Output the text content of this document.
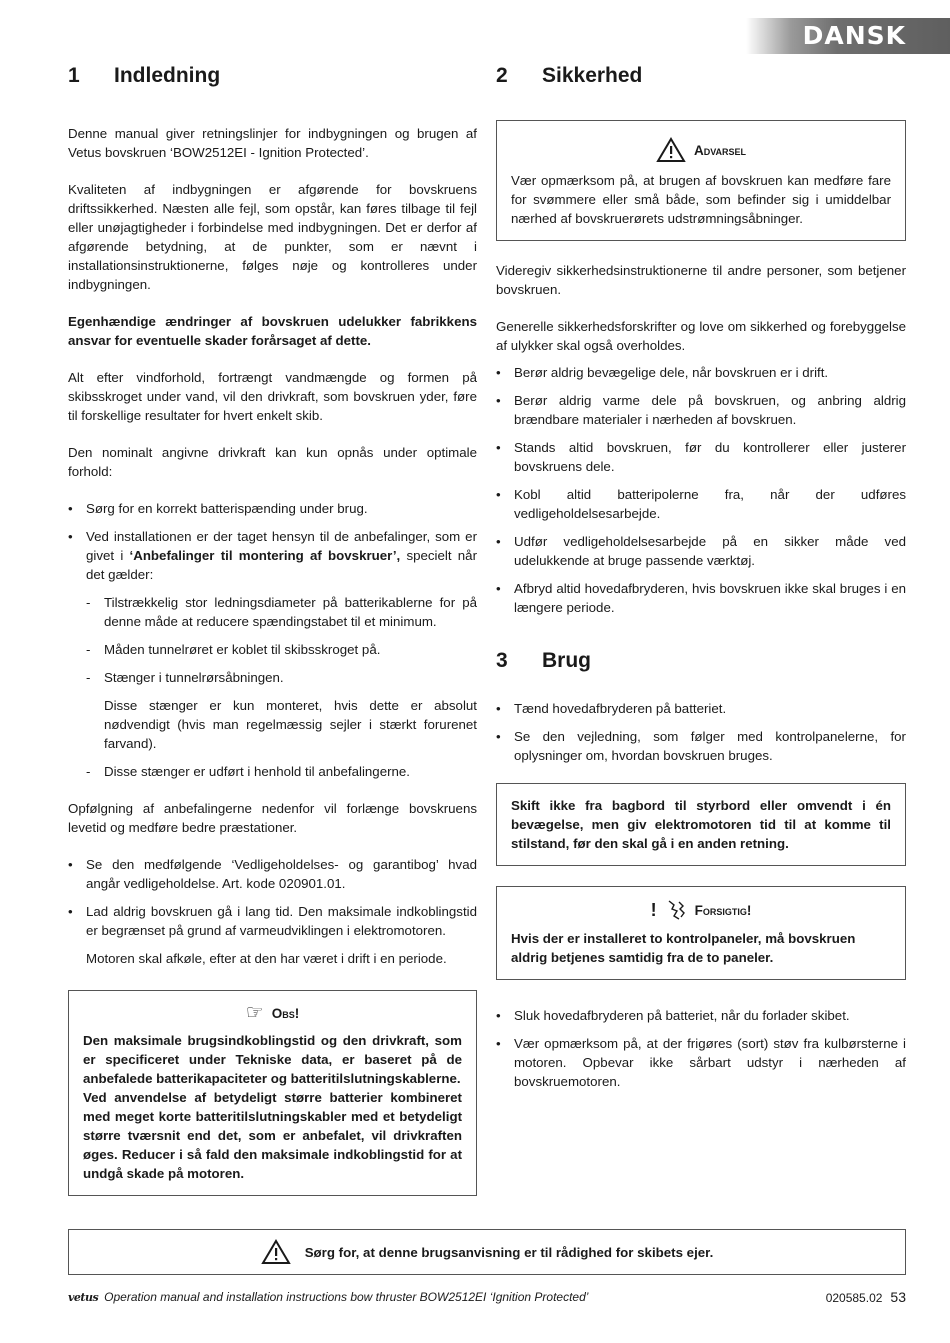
DANSK
1	Indledning

Denne manual giver retningslinjer for indbygningen og brugen af Vetus bovskruen ‘BOW2512EI - Ignition Protected’.

Kvaliteten af indbygningen er afgørende for bovskruens driftssikkerhed. Næsten alle fejl, som opstår, kan føres tilbage til fejl eller unøjagtigheder i forbindelse med indbygningen. Det er derfor af afgørende betydning, at de punkter, som er nævnt i installationsinstruktionerne, følges nøje og kontrolleres under indbygningen.

Egenhændige ændringer af bovskruen udelukker fabrikkens ansvar for eventuelle skader forårsaget af dette.

Alt efter vindforhold, fortrængt vandmængde og formen på skibsskroget under vand, vil den drivkraft, som bovskruen yder, føre til forskellige resultater for hvert enkelt skib.

Den nominalt angivne drivkraft kan kun opnås under optimale forhold:

• Sørg for en korrekt batterispænding under brug.
• Ved installationen er der taget hensyn til de anbefalinger, som er givet i ‘Anbefalinger til montering af bovskruer’, specielt når det gælder:
- Tilstrækkelig stor ledningsdiameter på batterikablerne for på denne måde at reducere spændingstabet til et minimum.
- Måden tunnelrøret er koblet til skibsskroget på.
- Stænger i tunnelrørsåbningen.

Disse stænger er kun monteret, hvis dette er absolut nødvendigt (hvis man regelmæssig sejler i stærkt forurenet farvand).

- Disse stænger er udført i henhold til anbefalingerne.

Opfølgning af anbefalingerne nedenfor vil forlænge bovskruens levetid og medføre bedre præstationer.

• Se den medfølgende ‘Vedligeholdelses- og garantibog’ hvad angår vedligeholdelse. Art. kode 020901.01.
• Lad aldrig bovskruen gå i lang tid. Den maksimale indkoblingstid er begrænset på grund af varmeudviklingen i elektromotoren.

Motoren skal afkøle, efter at den har været i drift i en periode.

☞ Obs!

Den maksimale brugsindkoblingstid og den drivkraft, som er specificeret under Tekniske data, er baseret på de anbefalede batterikapaciteter og batteritilslutningskablerne.

Ved anvendelse af betydeligt større batterier kombineret med meget korte batteritilslutningskabler med et betydeligt større tværsnit end det, som er anbefalet, vil drivkraften øges. Reducer i så fald den maksimale indkoblingstid for at undgå skade på motoren.

2	Sikkerhed
Advarsel

Vær opmærksom på, at brugen af bovskruen kan medføre fare for svømmere eller små både, som befinder sig i umiddelbar nærhed af bovskruerørets udstrømningsåbninger.

Videregiv sikkerhedsinstruktionerne til andre personer, som betjener bovskruen.

Generelle sikkerhedsforskrifter og love om sikkerhed og forebyggelse af ulykker skal også overholdes.

• Berør aldrig bevægelige dele, når bovskruen er i drift.
• Berør aldrig varme dele på bovskruen, og anbring aldrig brændbare materialer i nærheden af bovskruen.
• Stands altid bovskruen, før du kontrollerer eller justerer bovskruens dele.
• Kobl altid batteripolerne fra, når der udføres vedligeholdelsesarbejde.
• Udfør vedligeholdelsesarbejde på en sikker måde ved udelukkende at bruge passende værktøj.
• Afbryd altid hovedafbryderen, hvis bovskruen ikke skal bruges i en længere periode.
3	Brug
• Tænd hovedafbryderen på batteriet.
• Se den vejledning, som følger med kontrolpanelerne, for oplysninger om, hvordan bovskruen bruges.

Skift ikke fra bagbord til styrbord eller omvendt i én bevægelse, men giv elektromotoren tid til at komme til stilstand, før den skal gå i en anden retning.

!	Forsigtig!

Hvis der er installeret to kontrolpaneler, må bovskruen aldrig betjenes samtidig fra de to paneler.

• Sluk hovedafbryderen på batteriet, når du forlader skibet.
• Vær opmærksom på, at der frigøres (sort) støv fra kulbørsterne i motoren. Opbevar ikke sårbart udstyr i nærheden af bovskruemotoren.
Sørg for, at denne brugsanvisning er til rådighed for skibets ejer.
vetus Operation manual and installation instructions bow thruster BOW2512EI ‘Ignition Protected’	020585.02 53
